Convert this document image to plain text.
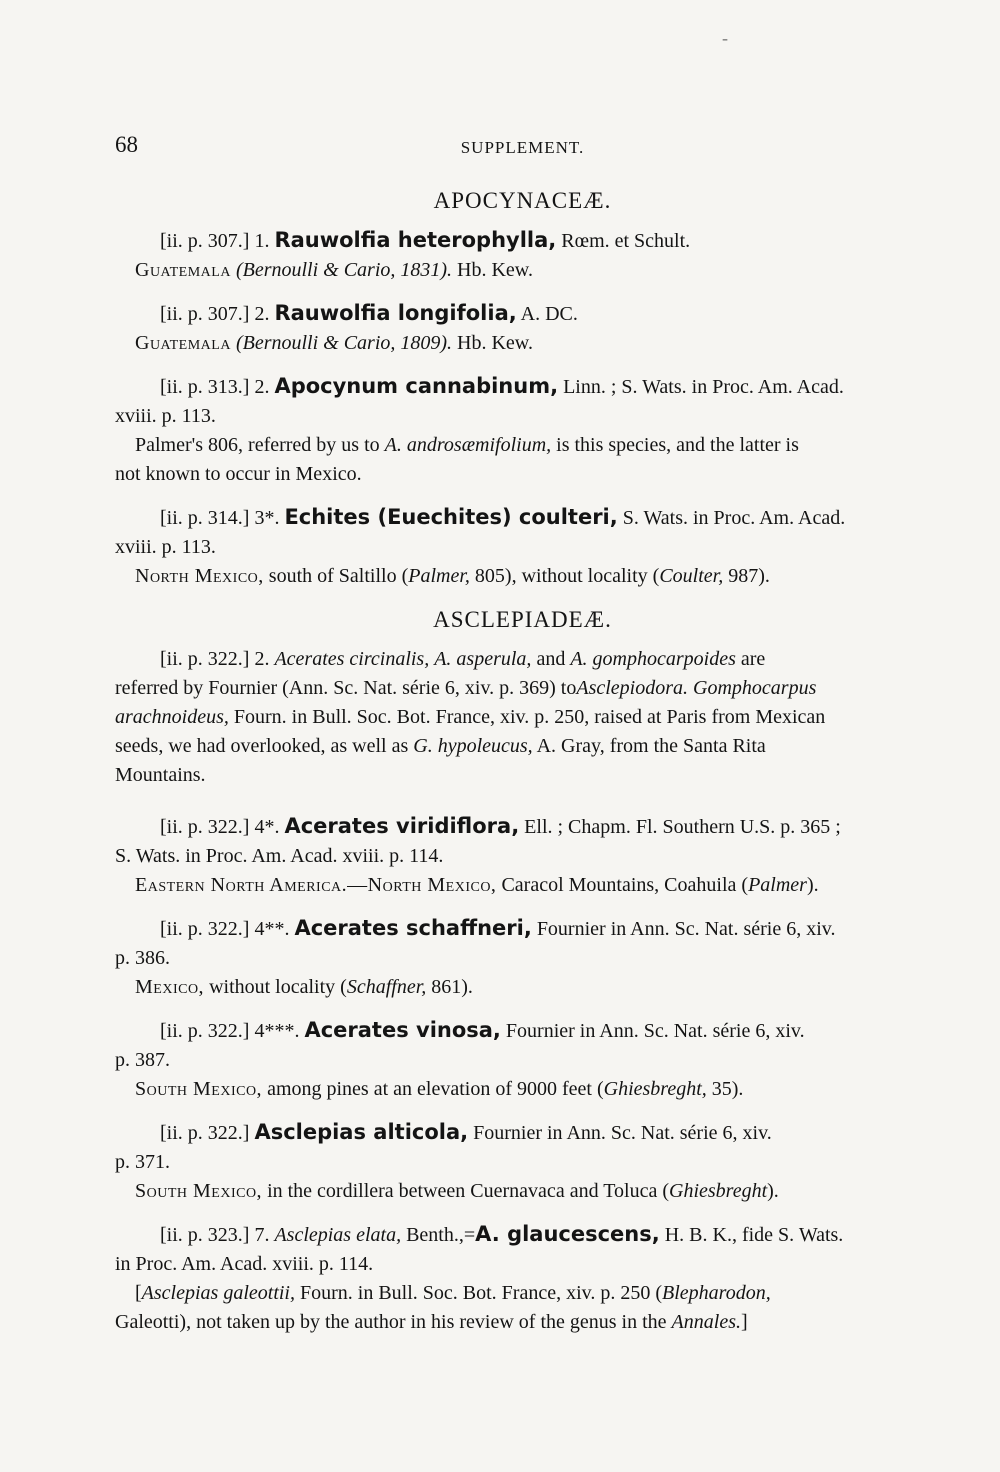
-
68	SUPPLEMENT.
APOCYNACEÆ.
[ii. p. 307.] 1. Rauwolfia heterophylla, Rœm. et Schult.
Guatemala (Bernoulli & Cario, 1831). Hb. Kew.
[ii. p. 307.] 2. Rauwolfia longifolia, A. DC.
Guatemala (Bernoulli & Cario, 1809). Hb. Kew.
[ii. p. 313.] 2. Apocynum cannabinum, Linn. ; S. Wats. in Proc. Am. Acad.
xviii. p. 113.
Palmer's 806, referred by us to A. androsæmifolium, is this species, and the latter is
not known to occur in Mexico.
[ii. p. 314.] 3*. Echites (Euechites) coulteri, S. Wats. in Proc. Am. Acad.
xviii. p. 113.
North Mexico, south of Saltillo (Palmer, 805), without locality (Coulter, 987).
ASCLEPIADEÆ.
[ii. p. 322.] 2. Acerates circinalis, A. asperula, and A. gomphocarpoides are
referred by Fournier (Ann. Sc. Nat. série 6, xiv. p. 369) toAsclepiodora. Gomphocarpus
arachnoideus, Fourn. in Bull. Soc. Bot. France, xiv. p. 250, raised at Paris from Mexican
seeds, we had overlooked, as well as G. hypoleucus, A. Gray, from the Santa Rita
Mountains.
[ii. p. 322.] 4*. Acerates viridiflora, Ell. ; Chapm. Fl. Southern U.S. p. 365 ;
S. Wats. in Proc. Am. Acad. xviii. p. 114.
Eastern North America.—North Mexico, Caracol Mountains, Coahuila (Palmer).
[ii. p. 322.] 4**. Acerates schaffneri, Fournier in Ann. Sc. Nat. série 6, xiv.
p. 386.
Mexico, without locality (Schaffner, 861).
[ii. p. 322.] 4***. Acerates vinosa, Fournier in Ann. Sc. Nat. série 6, xiv.
p. 387.
South Mexico, among pines at an elevation of 9000 feet (Ghiesbreght, 35).
[ii. p. 322.] Asclepias alticola, Fournier in Ann. Sc. Nat. série 6, xiv.
p. 371.
South Mexico, in the cordillera between Cuernavaca and Toluca (Ghiesbreght).
[ii. p. 323.] 7. Asclepias elata, Benth.,=A. glaucescens, H. B. K., fide S. Wats.
in Proc. Am. Acad. xviii. p. 114.
[Asclepias galeottii, Fourn. in Bull. Soc. Bot. France, xiv. p. 250 (Blepharodon,
Galeotti), not taken up by the author in his review of the genus in the Annales.]
